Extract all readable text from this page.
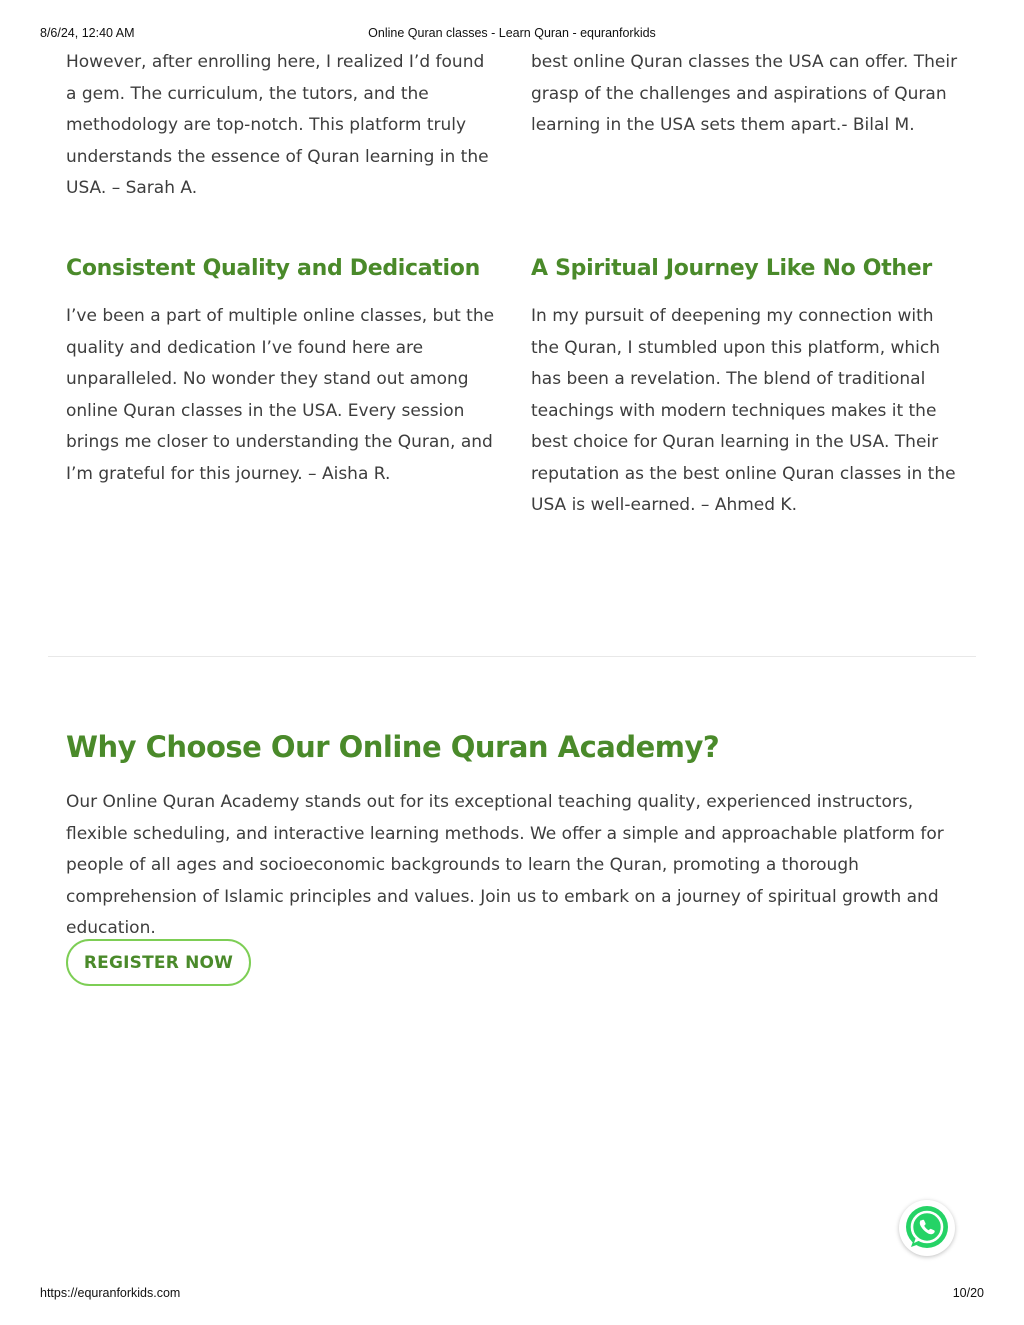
8/6/24, 12:40 AM	Online Quran classes - Learn Quran - equranforkids

However, after enrolling here, I realized I’d found a gem. The curriculum, the tutors, and the methodology are top-notch. This platform truly understands the essence of Quran learning in the USA. – Sarah A.

best online Quran classes the USA can offer. Their grasp of the challenges and aspirations of Quran learning in the USA sets them apart.- Bilal M.

Consistent Quality and Dedication

I’ve been a part of multiple online classes, but the quality and dedication I’ve found here are unparalleled. No wonder they stand out among online Quran classes in the USA. Every session brings me closer to understanding the Quran, and I’m grateful for this journey. – Aisha R.

A Spiritual Journey Like No Other

In my pursuit of deepening my connection with the Quran, I stumbled upon this platform, which has been a revelation. The blend of traditional teachings with modern techniques makes it the best choice for Quran learning in the USA. Their reputation as the best online Quran classes in the USA is well-earned. – Ahmed K.

Why Choose Our Online Quran Academy?

Our Online Quran Academy stands out for its exceptional teaching quality, experienced instructors, flexible scheduling, and interactive learning methods. We offer a simple and approachable platform for people of all ages and socioeconomic backgrounds to learn the Quran, promoting a thorough comprehension of Islamic principles and values. Join us to embark on a journey of spiritual growth and education.

REGISTER NOW
https://equranforkids.com	10/20
